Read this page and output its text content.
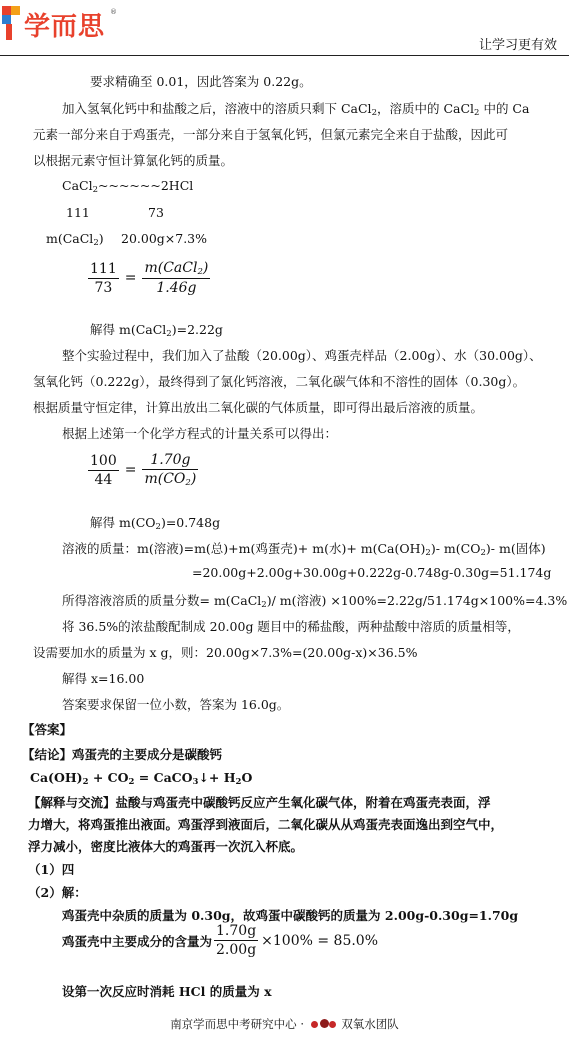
学而思 ®
让学习更有效
要求精确至 0.01，因此答案为 0.22g。
加入氢氧化钙中和盐酸之后，溶液中的溶质只剩下 CaCl$_2$，溶质中的 CaCl$_2$ 中的 Ca
元素一部分来自于鸡蛋壳，一部分来自于氢氧化钙，但氯元素完全来自于盐酸，因此可
以根据元素守恒计算氯化钙的质量。
CaCl$_2$~~~~~~2HCl
111	73
m(CaCl$_2$) 20.00g×7.3%
$\frac{111}{73} = \frac{m(CaCl_2)}{1.46g}$
解得 m(CaCl$_2$)=2.22g
整个实验过程中，我们加入了盐酸（20.00g）、鸡蛋壳样品（2.00g）、水（30.00g）、
氢氧化钙（0.222g），最终得到了氯化钙溶液，二氧化碳气体和不溶性的固体（0.30g）。
根据质量守恒定律，计算出放出二氧化碳的气体质量，即可得出最后溶液的质量。
根据上述第一个化学方程式的计量关系可以得出：
$\frac{100}{44} = \frac{1.70g}{m(CO_2)}$
解得 $m(CO_2)=0.748g$
溶液的质量：m(溶液)=m(总)+m(鸡蛋壳)+ m(水)+ $m(Ca(OH)_2)-$ $m(CO_2)-$ m(固体)
=20.00g+2.00g+30.00g+0.222g-0.748g-0.30g=51.174g
所得溶液溶质的质量分数= m(CaCl$_2$)/ m(溶液) ×100%=2.22g/51.174g×100%=4.3%
将 36.5%的浓盐酸配制成 20.00g 题目中的稀盐酸，两种盐酸中溶质的质量相等，
设需要加水的质量为 x g，则：20.00g×7.3%=(20.00g-x)×36.5%
解得 x=16.00
答案要求保留一位小数，答案为 16.0g。
【答案】
【结论】鸡蛋壳的主要成分是碳酸钙
$Ca(OH)_2 + CO_2$ = CaCO$_3$↓+ $H_2O$
【解释与交流】盐酸与鸡蛋壳中碳酸钙反应产生氧化碳气体，附着在鸡蛋壳表面，浮
力增大，将鸡蛋推出液面。鸡蛋浮到液面后，二氧化碳从从鸡蛋壳表面逸出到空气中，
浮力减小，密度比液体大的鸡蛋再一次沉入杯底。
（1）四
（2）解：
鸡蛋壳中杂质的质量为 0.30g，故鸡蛋中碳酸钙的质量为 2.00g-0.30g=1.70g
鸡蛋壳中主要成分的含量为 $\frac{1.70g}{2.00g} \times 100\% = 85.0\%$
设第一次反应时消耗 HCl 的质量为 x
南京学而思中考研究中心 ·	双氧水团队
